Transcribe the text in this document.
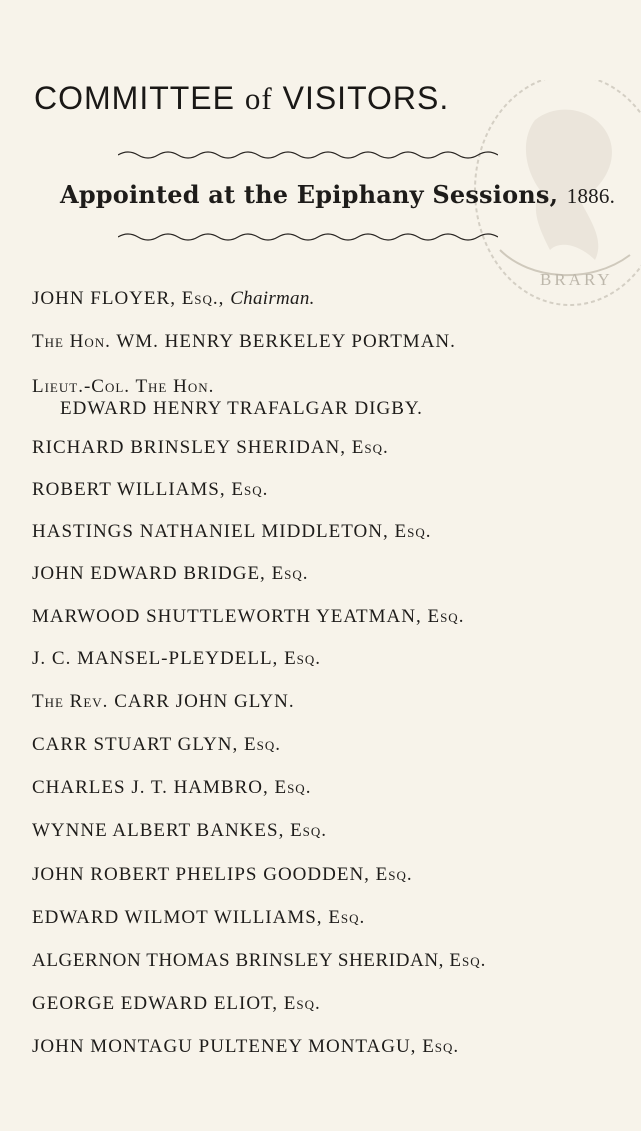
BRARY
COMMITTEE of VISITORS.
Appointed at the Epiphany Sessions, 1886.
JOHN FLOYER, Esq., Chairman.
The Hon. WM. HENRY BERKELEY PORTMAN.
Lieut.-Col. The Hon.
EDWARD HENRY TRAFALGAR DIGBY.
RICHARD BRINSLEY SHERIDAN, Esq.
ROBERT WILLIAMS, Esq.
HASTINGS NATHANIEL MIDDLETON, Esq.
JOHN EDWARD BRIDGE, Esq.
MARWOOD SHUTTLEWORTH YEATMAN, Esq.
J. C. MANSEL-PLEYDELL, Esq.
The Rev. CARR JOHN GLYN.
CARR STUART GLYN, Esq.
CHARLES J. T. HAMBRO, Esq.
WYNNE ALBERT BANKES, Esq.
JOHN ROBERT PHELIPS GOODDEN, Esq.
EDWARD WILMOT WILLIAMS, Esq.
ALGERNON THOMAS BRINSLEY SHERIDAN, Esq.
GEORGE EDWARD ELIOT, Esq.
JOHN MONTAGU PULTENEY MONTAGU, Esq.
